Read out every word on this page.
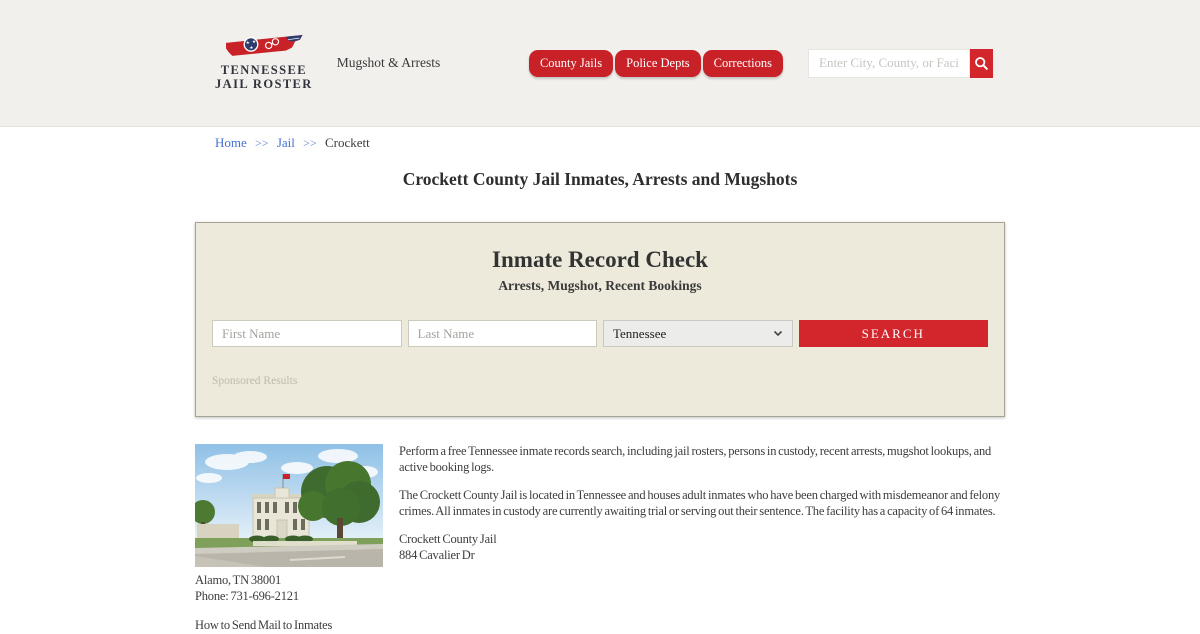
★ ★
★
TENNESSEE
JAIL ROSTER
Mugshot & Arrests	County Jails	Police Depts	Corrections
Enter City, County, or Facility
Home >> Jail >> Crockett
Crockett County Jail Inmates, Arrests and Mugshots
Inmate Record Check
Arrests, Mugshot, Recent Bookings
First Name
Last Name
Tennessee	SEARCH
Sponsored Results
Alamo, TN 38001
Phone: 731-696-2121
How to Send Mail to Inmates

Perform a free Tennessee inmate records search, including jail rosters, persons in custody, recent arrests, mugshot lookups, and active booking logs.

The Crockett County Jail is located in Tennessee and houses adult inmates who have been charged with misdemeanor and felony crimes. All inmates in custody are currently awaiting trial or serving out their sentence. The facility has a capacity of 64 inmates.

Crockett County Jail
884 Cavalier Dr
